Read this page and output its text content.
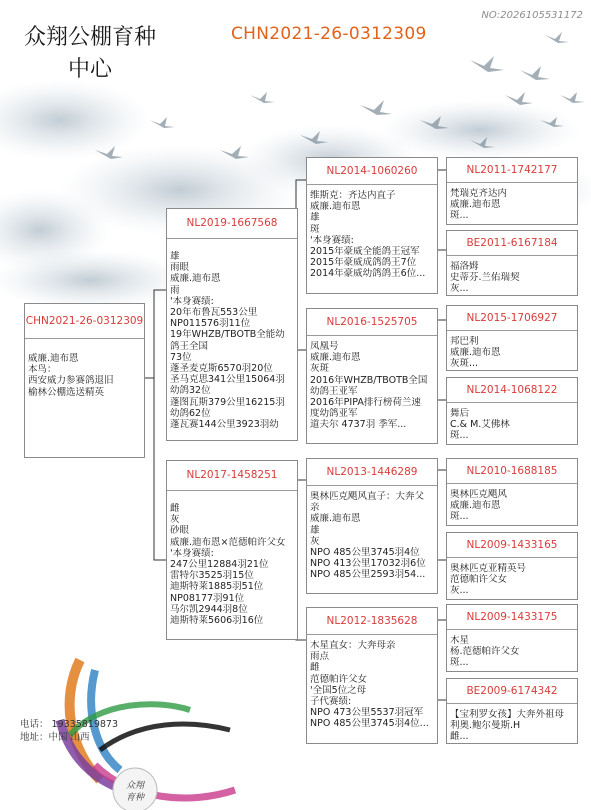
众翔
育种
众翔公棚育种
中心
CHN2021-26-0312309
NO:2026105531172
CHN2021-26-0312309
威廉.迪布恩
本鸟：
西安威力参赛鸽退旧
榆林公棚选送精英
NL2019-1667568
雄
雨眼
威廉.迪布恩
雨
'本身赛绩:
20年布鲁瓦553公里
NP011576羽11位
19年WHZB/TBOTB全能幼
鸽王全国
73位
蓬圣麦克斯6570羽20位
圣马克思341公里15064羽
幼鸽32位
蓬图瓦斯379公里16215羽
幼鸽62位
蓬瓦赛144公里3923羽幼
NL2017-1458251
雌
灰
砂眼
威廉.迪布恩×范德帕许父女
'本身赛绩:
247公里12884羽21位
雷特尔3525羽15位
迪斯特莱1885羽51位
NP08177羽91位
马尔凯2944羽8位
迪斯特莱5606羽16位
NL2014-1060260
维斯克：齐达内直子
威廉.迪布恩
雄
斑
'本身赛绩:
2015年豪威全能鸽王冠军
2015年豪威成鸽鸽王7位
2014年豪威幼鸽鸽王6位...
NL2016-1525705
凤凰号
威廉.迪布恩
灰斑
2016年WHZB/TBOTB全国
幼鸽王亚军
2016年PIPA排行榜荷兰速
度幼鸽亚军
道夫尔 4737羽 季军...
NL2013-1446289
奥林匹克飓风直子：大奔父
亲
威廉.迪布恩
雄
灰
NPO 485公里3745羽4位
NPO 413公里17032羽6位
NPO 485公里2593羽54...
NL2012-1835628
木星直女：大奔母亲
雨点
雌
范德帕许父女
'全国5位之母
子代赛绩:
NPO 473公里5537羽冠军
NPO 485公里3745羽4位...
NL2011-1742177
梵瑞克齐达内
威廉.迪布恩
斑...
BE2011-6167184
福洛姆
史蒂芬.兰佑瑞契
灰...
NL2015-1706927
邦巴利
威廉.迪布恩
灰斑...
NL2014-1068122
舞后
C.& M.艾佛林
斑...
NL2010-1688185
奥林匹克飓风
威廉.迪布恩
斑...
NL2009-1433165
奥林匹克亚精英号
范德帕许父女
灰...
NL2009-1433175
木星
杨.范德帕许父女
斑...
BE2009-6174342
【宝利罗女孩】大奔外祖母
利奥.鲍尔曼斯.H
雌...
电话： 19335819873
地址：中国 山西
